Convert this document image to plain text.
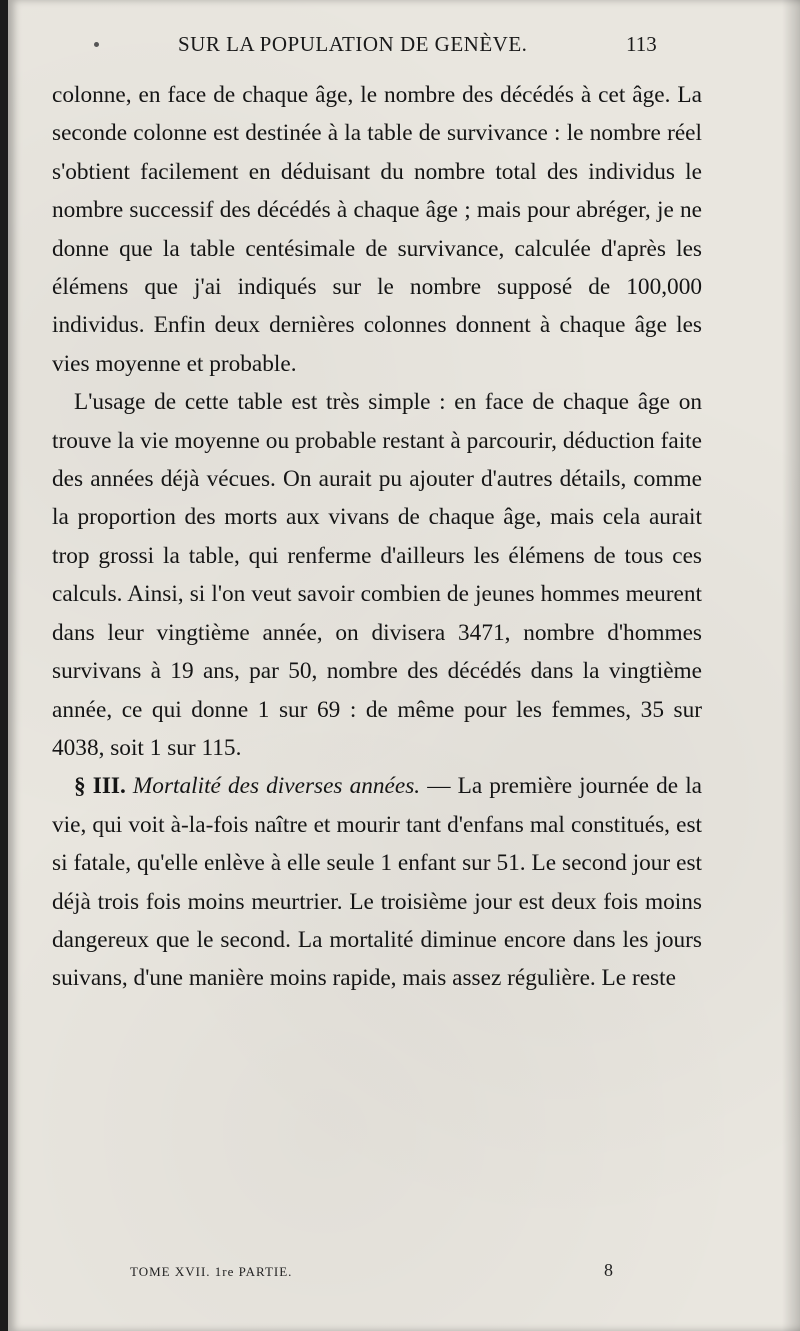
SUR LA POPULATION DE GENÈVE.	113

colonne, en face de chaque âge, le nombre des décédés à cet âge. La seconde colonne est destinée à la table de survivance : le nombre réel s'obtient facilement en déduisant du nombre total des individus le nombre successif des décédés à chaque âge ; mais pour abréger, je ne donne que la table centésimale de survivance, calculée d'après les élémens que j'ai indiqués sur le nombre supposé de 100,000 individus. Enfin deux dernières colonnes donnent à chaque âge les vies moyenne et probable.

L'usage de cette table est très simple : en face de chaque âge on trouve la vie moyenne ou probable restant à parcourir, déduction faite des années déjà vécues. On aurait pu ajouter d'autres détails, comme la proportion des morts aux vivans de chaque âge, mais cela aurait trop grossi la table, qui renferme d'ailleurs les élémens de tous ces calculs. Ainsi, si l'on veut savoir combien de jeunes hommes meurent dans leur vingtième année, on divisera 3471, nombre d'hommes survivans à 19 ans, par 50, nombre des décédés dans la vingtième année, ce qui donne 1 sur 69 : de même pour les femmes, 35 sur 4038, soit 1 sur 115.

§ III. Mortalité des diverses années. — La première journée de la vie, qui voit à-la-fois naître et mourir tant d'enfans mal constitués, est si fatale, qu'elle enlève à elle seule 1 enfant sur 51. Le second jour est déjà trois fois moins meurtrier. Le troisième jour est deux fois moins dangereux que le second. La mortalité diminue encore dans les jours suivans, d'une manière moins rapide, mais assez régulière. Le reste

TOME XVII. 1re PARTIE.	8
